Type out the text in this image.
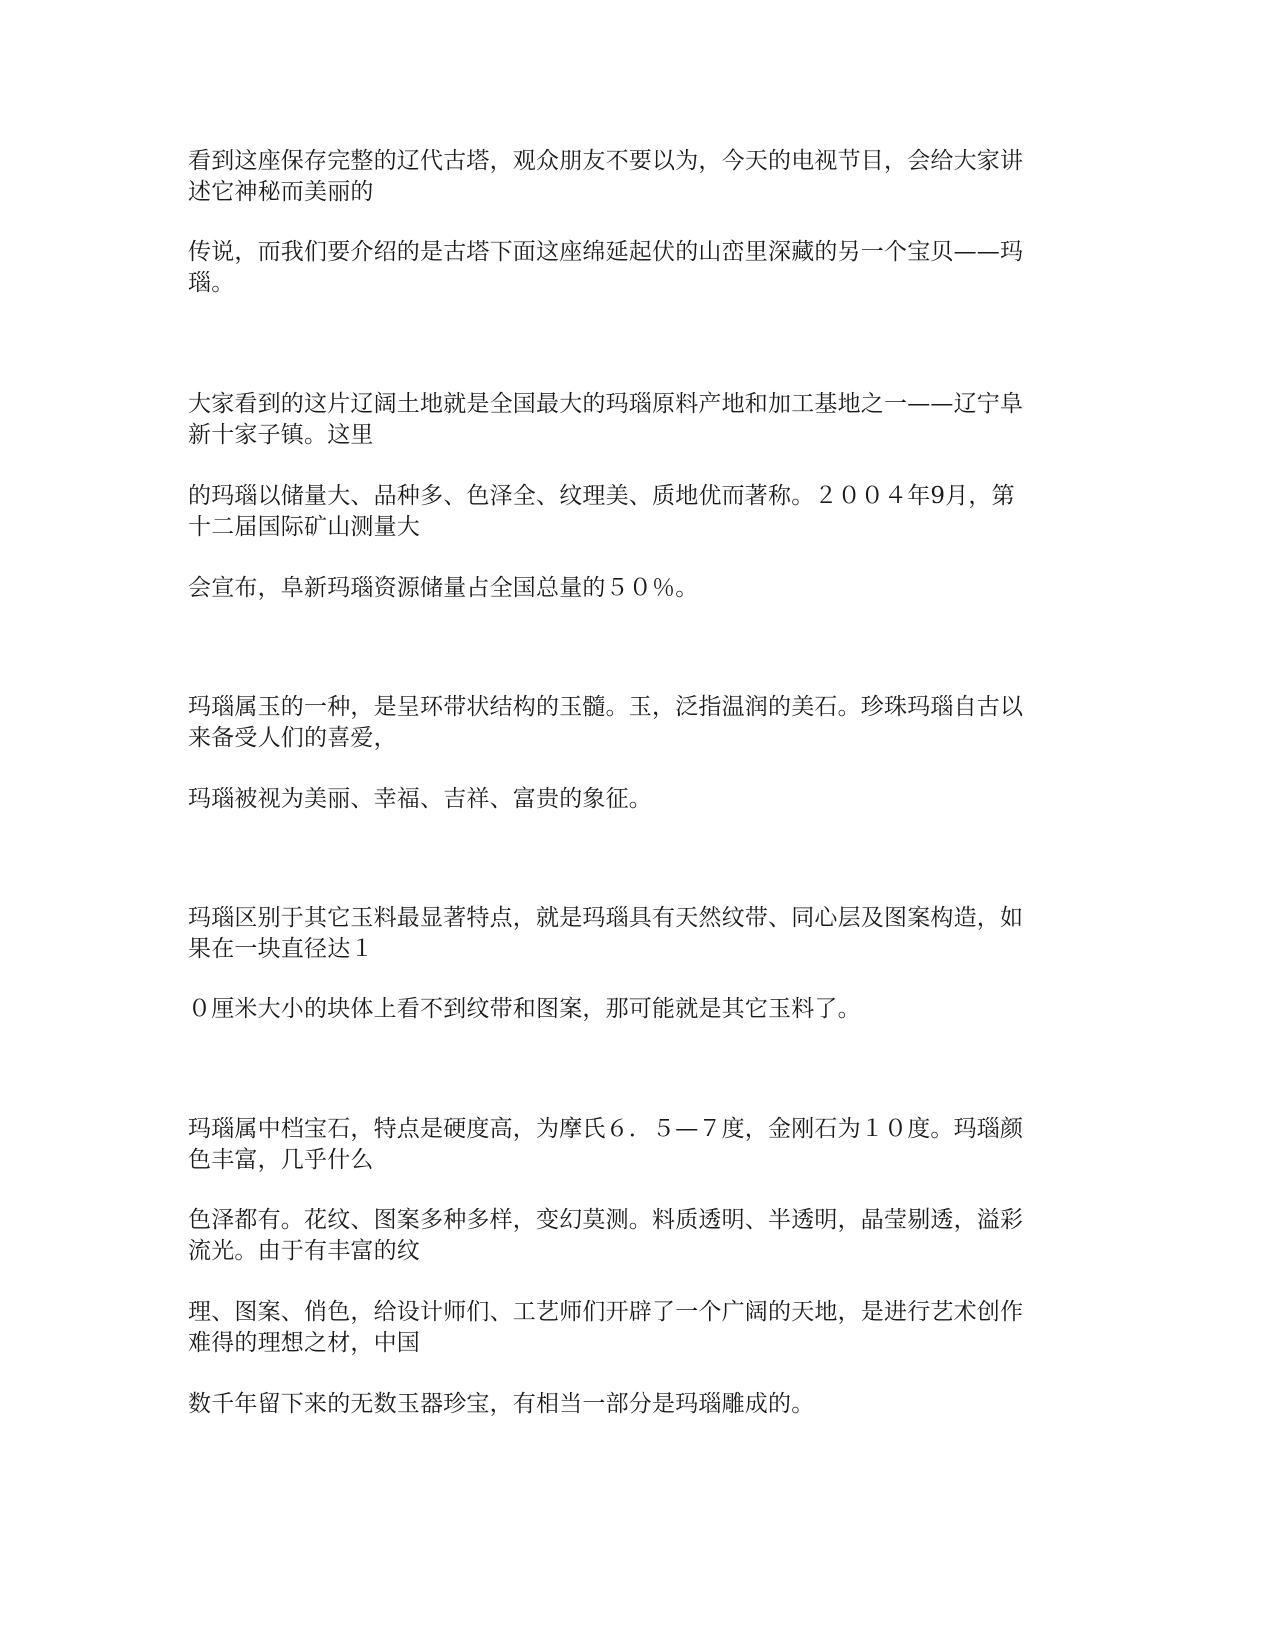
看到这座保存完整的辽代古塔，观众朋友不要以为，今天的电视节目，会给大家讲
述它神秘而美丽的

传说，而我们要介绍的是古塔下面这座绵延起伏的山峦里深藏的另一个宝贝——玛
瑙。

大家看到的这片辽阔土地就是全国最大的玛瑙原料产地和加工基地之一——辽宁阜
新十家子镇。这里

的玛瑙以储量大、品种多、色泽全、纹理美、质地优而著称。２００４年9月，第
十二届国际矿山测量大

会宣布，阜新玛瑙资源储量占全国总量的５０％。

玛瑙属玉的一种，是呈环带状结构的玉髓。玉，泛指温润的美石。珍珠玛瑙自古以
来备受人们的喜爱，

玛瑙被视为美丽、幸福、吉祥、富贵的象征。

玛瑙区别于其它玉料最显著特点，就是玛瑙具有天然纹带、同心层及图案构造，如
果在一块直径达１

０厘米大小的块体上看不到纹带和图案，那可能就是其它玉料了。

玛瑙属中档宝石，特点是硬度高，为摩氏６．５—７度，金刚石为１０度。玛瑙颜
色丰富，几乎什么

色泽都有。花纹、图案多种多样，变幻莫测。料质透明、半透明，晶莹剔透，溢彩
流光。由于有丰富的纹

理、图案、俏色，给设计师们、工艺师们开辟了一个广阔的天地，是进行艺术创作
难得的理想之材，中国

数千年留下来的无数玉器珍宝，有相当一部分是玛瑙雕成的。
